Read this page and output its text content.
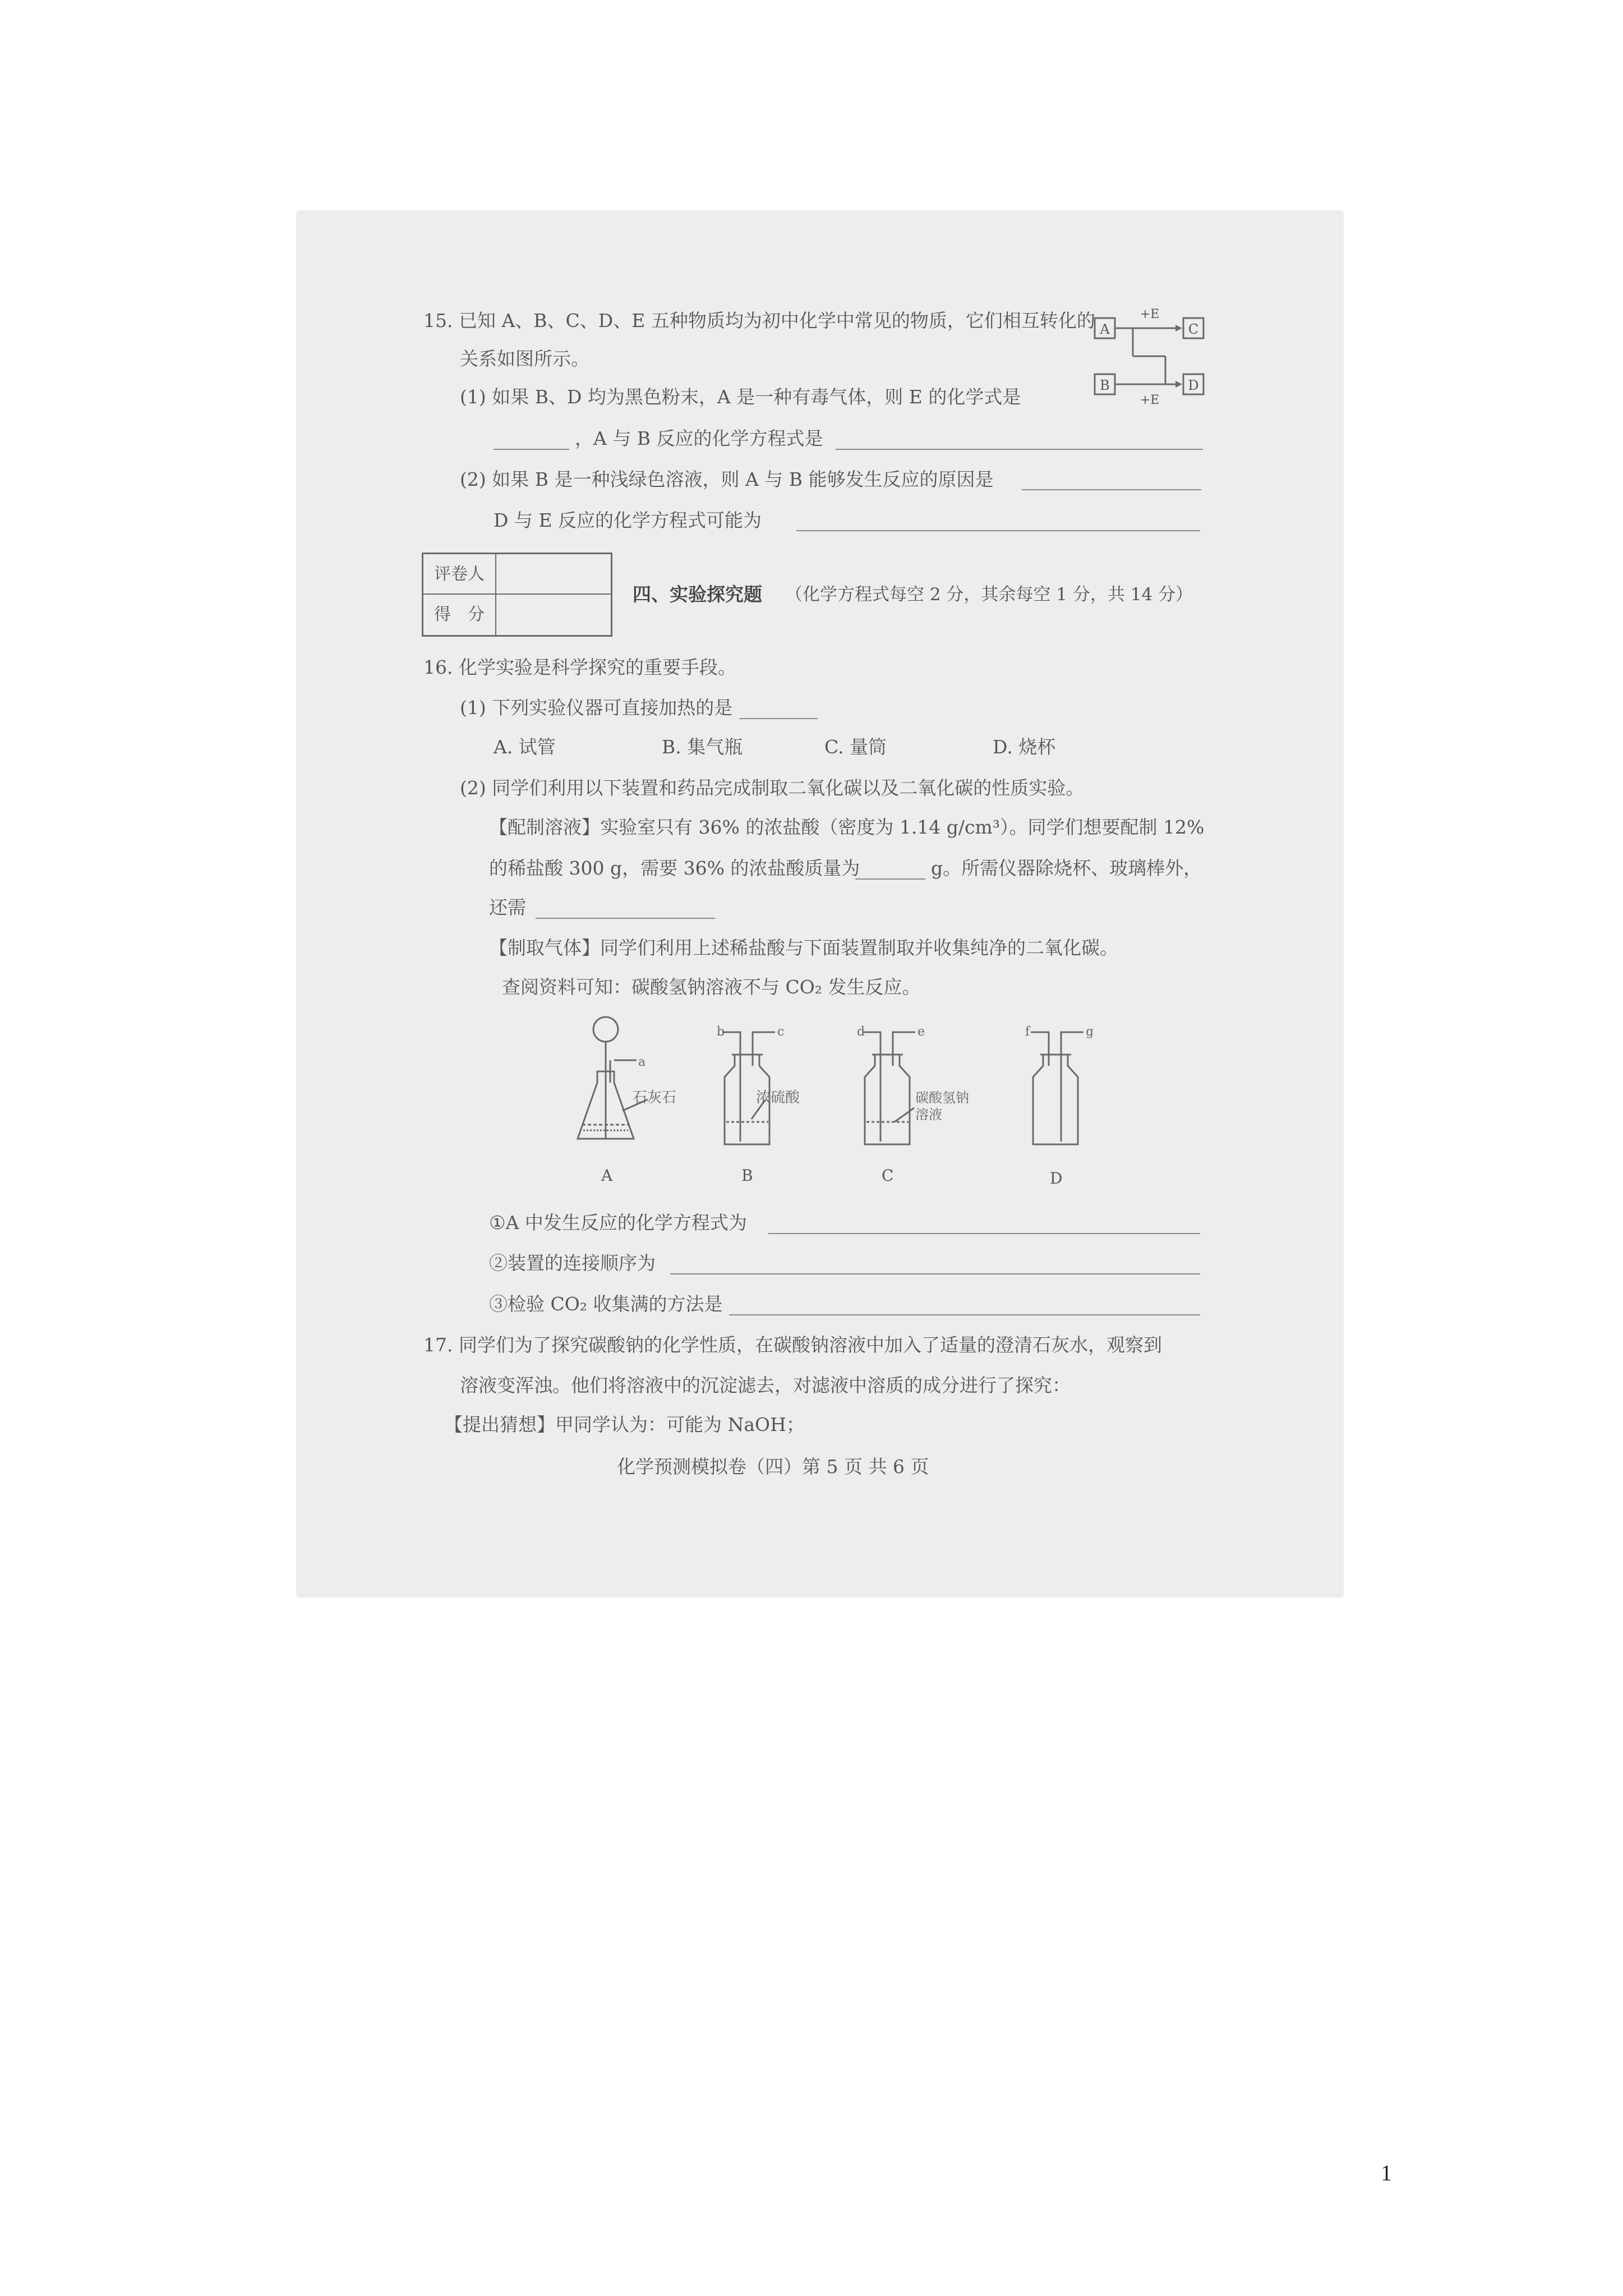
15. 已知 A、B、C、D、E 五种物质均为初中化学中常见的物质，它们相互转化的
关系如图所示。
(1) 如果 B、D 均为黑色粉末，A 是一种有毒气体，则 E 的化学式是
，A 与 B 反应的化学方程式是
(2) 如果 B 是一种浅绿色溶液，则 A 与 B 能够发生反应的原因是
D 与 E 反应的化学方程式可能为
A	C
B	D
+E
+E
评卷人
得　分
四、实验探究题 （化学方程式每空 2 分，其余每空 1 分，共 14 分）
16. 化学实验是科学探究的重要手段。
(1) 下列实验仪器可直接加热的是
A. 试管	B. 集气瓶	C. 量筒	D. 烧杯
(2) 同学们利用以下装置和药品完成制取二氧化碳以及二氧化碳的性质实验。
【配制溶液】实验室只有 36% 的浓盐酸（密度为 1.14 g/cm³）。同学们想要配制 12%
的稀盐酸 300 g，需要 36% 的浓盐酸质量为	g。所需仪器除烧杯、玻璃棒外，
还需
【制取气体】同学们利用上述稀盐酸与下面装置制取并收集纯净的二氧化碳。
查阅资料可知：碳酸氢钠溶液不与 CO₂ 发生反应。
a
石灰石
A
b	c
浓硫酸
B
d	e
碳酸氢钠
溶液
C
f	g
D
①A 中发生反应的化学方程式为
②装置的连接顺序为
③检验 CO₂ 收集满的方法是
17. 同学们为了探究碳酸钠的化学性质，在碳酸钠溶液中加入了适量的澄清石灰水，观察到
溶液变浑浊。他们将溶液中的沉淀滤去，对滤液中溶质的成分进行了探究：
【提出猜想】甲同学认为：可能为 NaOH；
化学预测模拟卷（四）第 5 页 共 6 页
1
